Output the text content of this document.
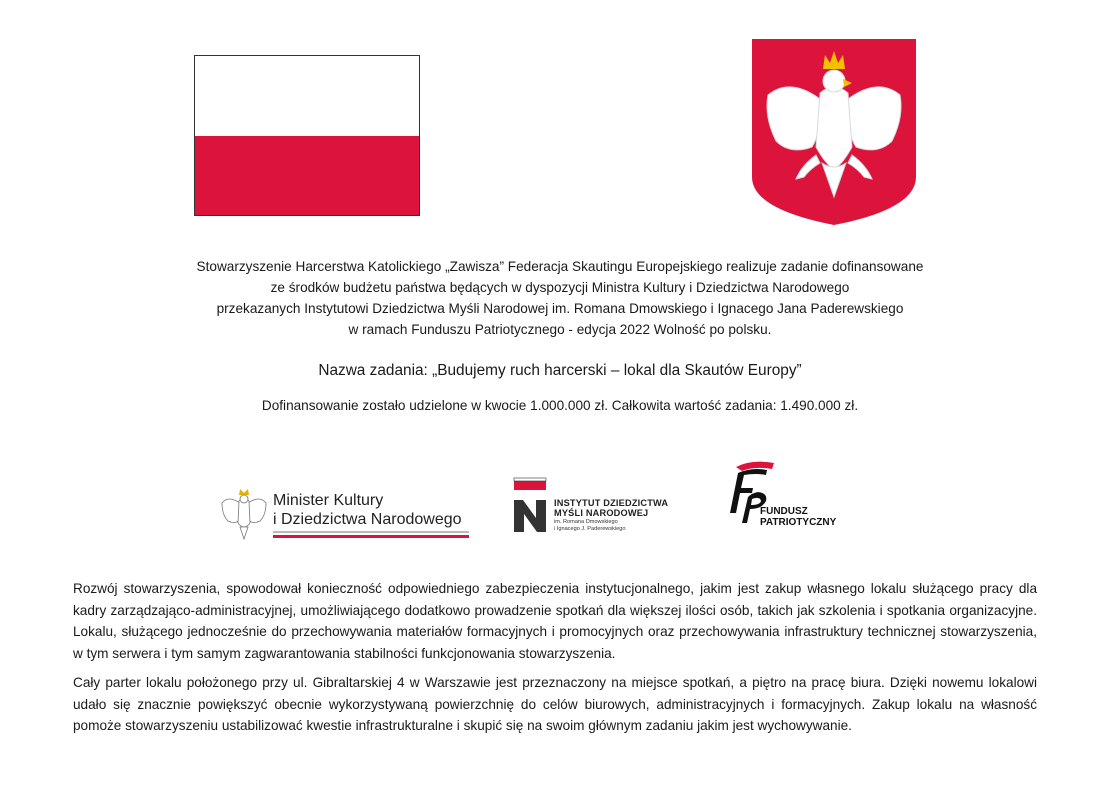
Stowarzyszenie Harcerstwa Katolickiego „Zawisza” Federacja Skautingu Europejskiego realizuje zadanie dofinansowane
ze środków budżetu państwa będących w dyspozycji Ministra Kultury i Dziedzictwa Narodowego
przekazanych Instytutowi Dziedzictwa Myśli Narodowej im. Romana Dmowskiego i Ignacego Jana Paderewskiego
w ramach Funduszu Patriotycznego - edycja 2022 Wolność po polsku.
Nazwa zadania: „Budujemy ruch harcerski – lokal dla Skautów Europy”
Dofinansowanie zostało udzielone w kwocie 1.000.000 zł. Całkowita wartość zadania: 1.490.000 zł.
Minister Kultury
i Dziedzictwa Narodowego
INSTYTUT DZIEDZICTWA
MYŚLI NARODOWEJ
im. Romana Dmowskiego
i Ignacego J. Paderewskiego
FUNDUSZ
PATRIOTYCZNY

Rozwój stowarzyszenia, spowodował konieczność odpowiedniego zabezpieczenia instytucjonalnego, jakim jest zakup własnego lokalu służącego pracy dla kadry zarządzająco-administracyjnej, umożliwiającego dodatkowo prowadzenie spotkań dla większej ilości osób, takich jak szkolenia i spotkania organizacyjne. Lokalu, służącego jednocześnie do przechowywania materiałów formacyjnych i promocyjnych oraz przechowywania infrastruktury technicznej stowarzyszenia, w tym serwera i tym samym zagwarantowania stabilności funkcjonowania stowarzyszenia.

Cały parter lokalu położonego przy ul. Gibraltarskiej 4 w Warszawie jest przeznaczony na miejsce spotkań, a piętro na pracę biura. Dzięki nowemu lokalowi udało się znacznie powiększyć obecnie wykorzystywaną powierzchnię do celów biurowych, administracyjnych i formacyjnych. Zakup lokalu na własność pomoże stowarzyszeniu ustabilizować kwestie infrastrukturalne i skupić się na swoim głównym zadaniu jakim jest wychowywanie.
